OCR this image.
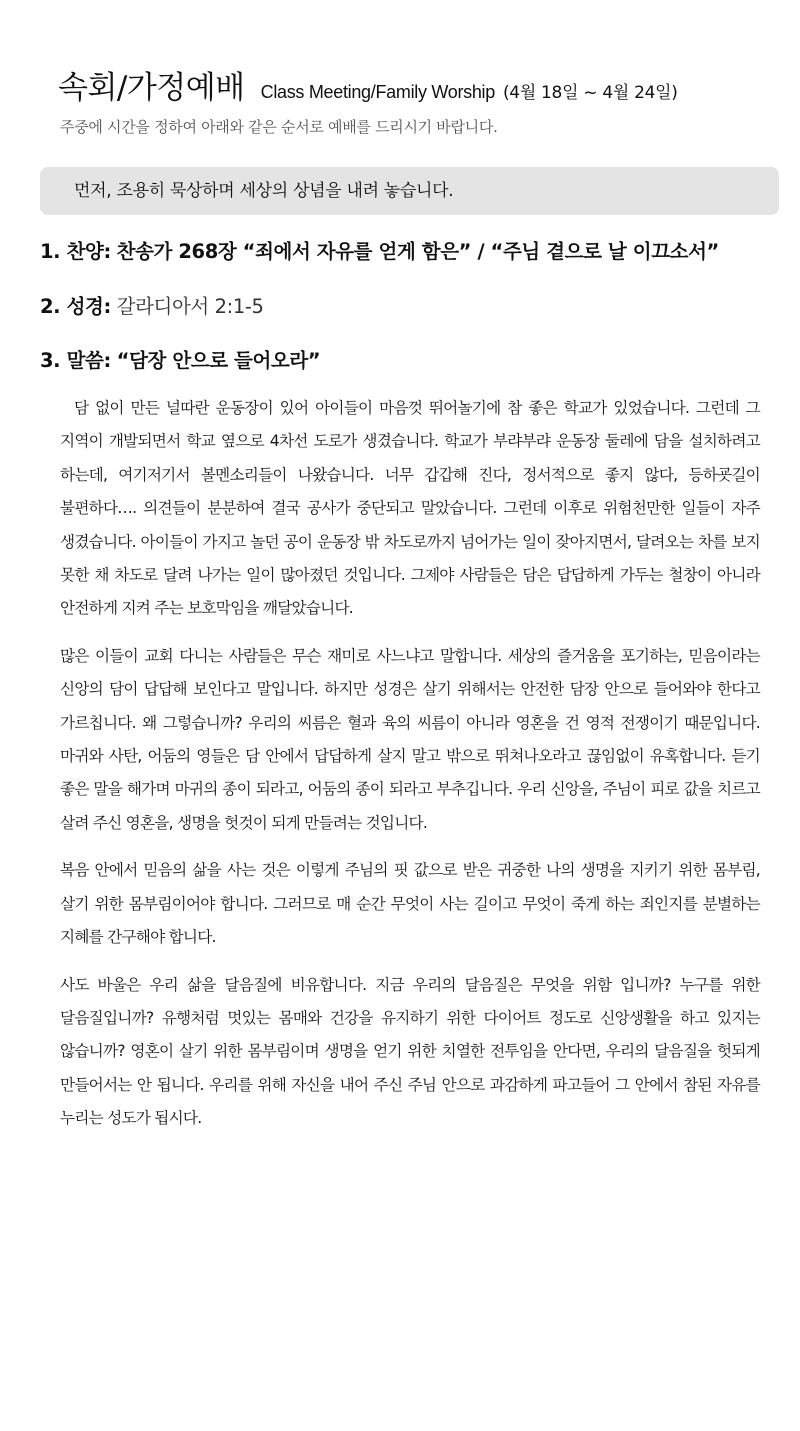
속회/가정예배 Class Meeting/Family Worship (4월 18일 ~ 4월 24일)
주중에 시간을 정하여 아래와 같은 순서로 예배를 드리시기 바랍니다.
먼저, 조용히 묵상하며 세상의 상념을 내려 놓습니다.
1. 찬양: 찬송가 268장 “죄에서 자유를 얻게 함은” / “주님 곁으로 날 이끄소서”
2. 성경: 갈라디아서 2:1-5
3. 말씀: “담장 안으로 들어오라”

담 없이 만든 널따란 운동장이 있어 아이들이 마음껏 뛰어놀기에 참 좋은 학교가 있었습니다. 그런데 그 지역이 개발되면서 학교 옆으로 4차선 도로가 생겼습니다. 학교가 부랴부랴 운동장 둘레에 담을 설치하려고 하는데, 여기저기서 볼멘소리들이 나왔습니다. 너무 갑갑해 진다, 정서적으로 좋지 않다, 등하굣길이 불편하다…. 의견들이 분분하여 결국 공사가 중단되고 말았습니다. 그런데 이후로 위험천만한 일들이 자주 생겼습니다. 아이들이 가지고 놀던 공이 운동장 밖 차도로까지 넘어가는 일이 잦아지면서, 달려오는 차를 보지 못한 채 차도로 달려 나가는 일이 많아졌던 것입니다. 그제야 사람들은 담은 답답하게 가두는 철창이 아니라 안전하게 지켜 주는 보호막임을 깨달았습니다.

많은 이들이 교회 다니는 사람들은 무슨 재미로 사느냐고 말합니다. 세상의 즐거움을 포기하는, 믿음이라는 신앙의 담이 답답해 보인다고 말입니다. 하지만 성경은 살기 위해서는 안전한 담장 안으로 들어와야 한다고 가르칩니다. 왜 그렇습니까? 우리의 씨름은 혈과 육의 씨름이 아니라 영혼을 건 영적 전쟁이기 때문입니다. 마귀와 사탄, 어둠의 영들은 담 안에서 답답하게 살지 말고 밖으로 뛰쳐나오라고 끊임없이 유혹합니다. 듣기 좋은 말을 해가며 마귀의 종이 되라고, 어둠의 종이 되라고 부추깁니다. 우리 신앙을, 주님이 피로 값을 치르고 살려 주신 영혼을, 생명을 헛것이 되게 만들려는 것입니다.

복음 안에서 믿음의 삶을 사는 것은 이렇게 주님의 핏 값으로 받은 귀중한 나의 생명을 지키기 위한 몸부림, 살기 위한 몸부림이어야 합니다. 그러므로 매 순간 무엇이 사는 길이고 무엇이 죽게 하는 죄인지를 분별하는 지혜를 간구해야 합니다.

사도 바울은 우리 삶을 달음질에 비유합니다. 지금 우리의 달음질은 무엇을 위함 입니까? 누구를 위한 달음질입니까? 유행처럼 멋있는 몸매와 건강을 유지하기 위한 다이어트 정도로 신앙생활을 하고 있지는 않습니까? 영혼이 살기 위한 몸부림이며 생명을 얻기 위한 치열한 전투임을 안다면, 우리의 달음질을 헛되게 만들어서는 안 됩니다. 우리를 위해 자신을 내어 주신 주님 안으로 과감하게 파고들어 그 안에서 참된 자유를 누리는 성도가 됩시다.
